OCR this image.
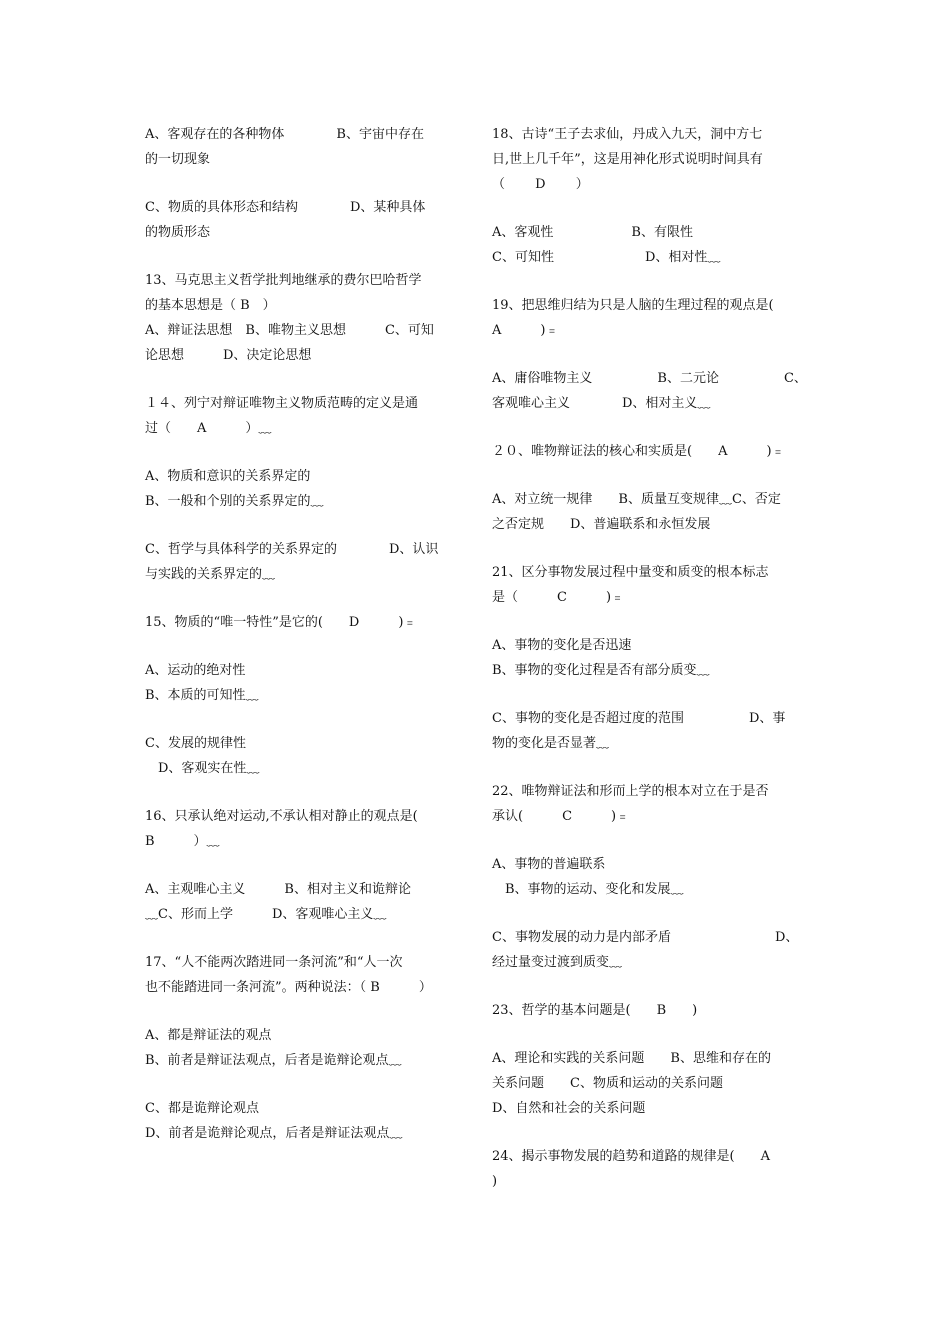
A、客观存在的各种物体　　　　B、宇宙中存在
的一切现象
C、物质的具体形态和结构　　　　D、某种具体
的物质形态
13、马克思主义哲学批判地继承的费尔巴哈哲学
的基本思想是（ B　）
A、辩证法思想　B、唯物主义思想　　　C、可知
论思想　　　D、决定论思想
１４、列宁对辩证唯物主义物质范畴的定义是通
过（　　A　　　）﹏
A、物质和意识的关系界定的
B、一般和个别的关系界定的﹏
C、哲学与具体科学的关系界定的　　　　D、认识
与实践的关系界定的﹏
15、物质的“唯一特性”是它的(　　D　　　)﹦
A、运动的绝对性
B、本质的可知性﹏
C、发展的规律性
　D、客观实在性﹏
16、只承认绝对运动,不承认相对静止的观点是(
B　　　）﹏
A、主观唯心主义　　　B、相对主义和诡辩论
﹏C、形而上学　　　D、客观唯心主义﹏
17、“人不能两次踏进同一条河流”和“人一次
也不能踏进同一条河流”。两种说法：（ B　　　）
A、都是辩证法的观点
B、前者是辩证法观点，后者是诡辩论观点﹏
C、都是诡辩论观点
D、前者是诡辩论观点，后者是辩证法观点﹏
18、古诗“王子去求仙，丹成入九天，洞中方七
日,世上几千年”，这是用神化形式说明时间具有
（　　 D　　 ）
A、客观性　　　　　　B、有限性
C、可知性　　　　　　　D、相对性﹏
19、把思维归结为只是人脑的生理过程的观点是(
A　　　)﹦
A、庸俗唯物主义　　　　　B、二元论　　　　　C、
客观唯心主义　　　　D、相对主义﹏
２０、唯物辩证法的核心和实质是(　　A　　　)﹦
A、对立统一规律　　B、质量互变规律﹏C、否定
之否定规　　D、普遍联系和永恒发展
21、区分事物发展过程中量变和质变的根本标志
是（　　　C　　　)﹦
A、事物的变化是否迅速
B、事物的变化过程是否有部分质变﹏
C、事物的变化是否超过度的范围　　　　　D、事
物的变化是否显著﹏
22、唯物辩证法和形而上学的根本对立在于是否
承认(　　　C　　　)﹦
A、事物的普遍联系
　B、事物的运动、变化和发展﹏
C、事物发展的动力是内部矛盾　　　　　　　　D、
经过量变过渡到质变﹏
23、哲学的基本问题是(　　B　　)
A、理论和实践的关系问题　　B、思维和存在的
关系问题　　C、物质和运动的关系问题
D、自然和社会的关系问题
24、揭示事物发展的趋势和道路的规律是(　　A
)
